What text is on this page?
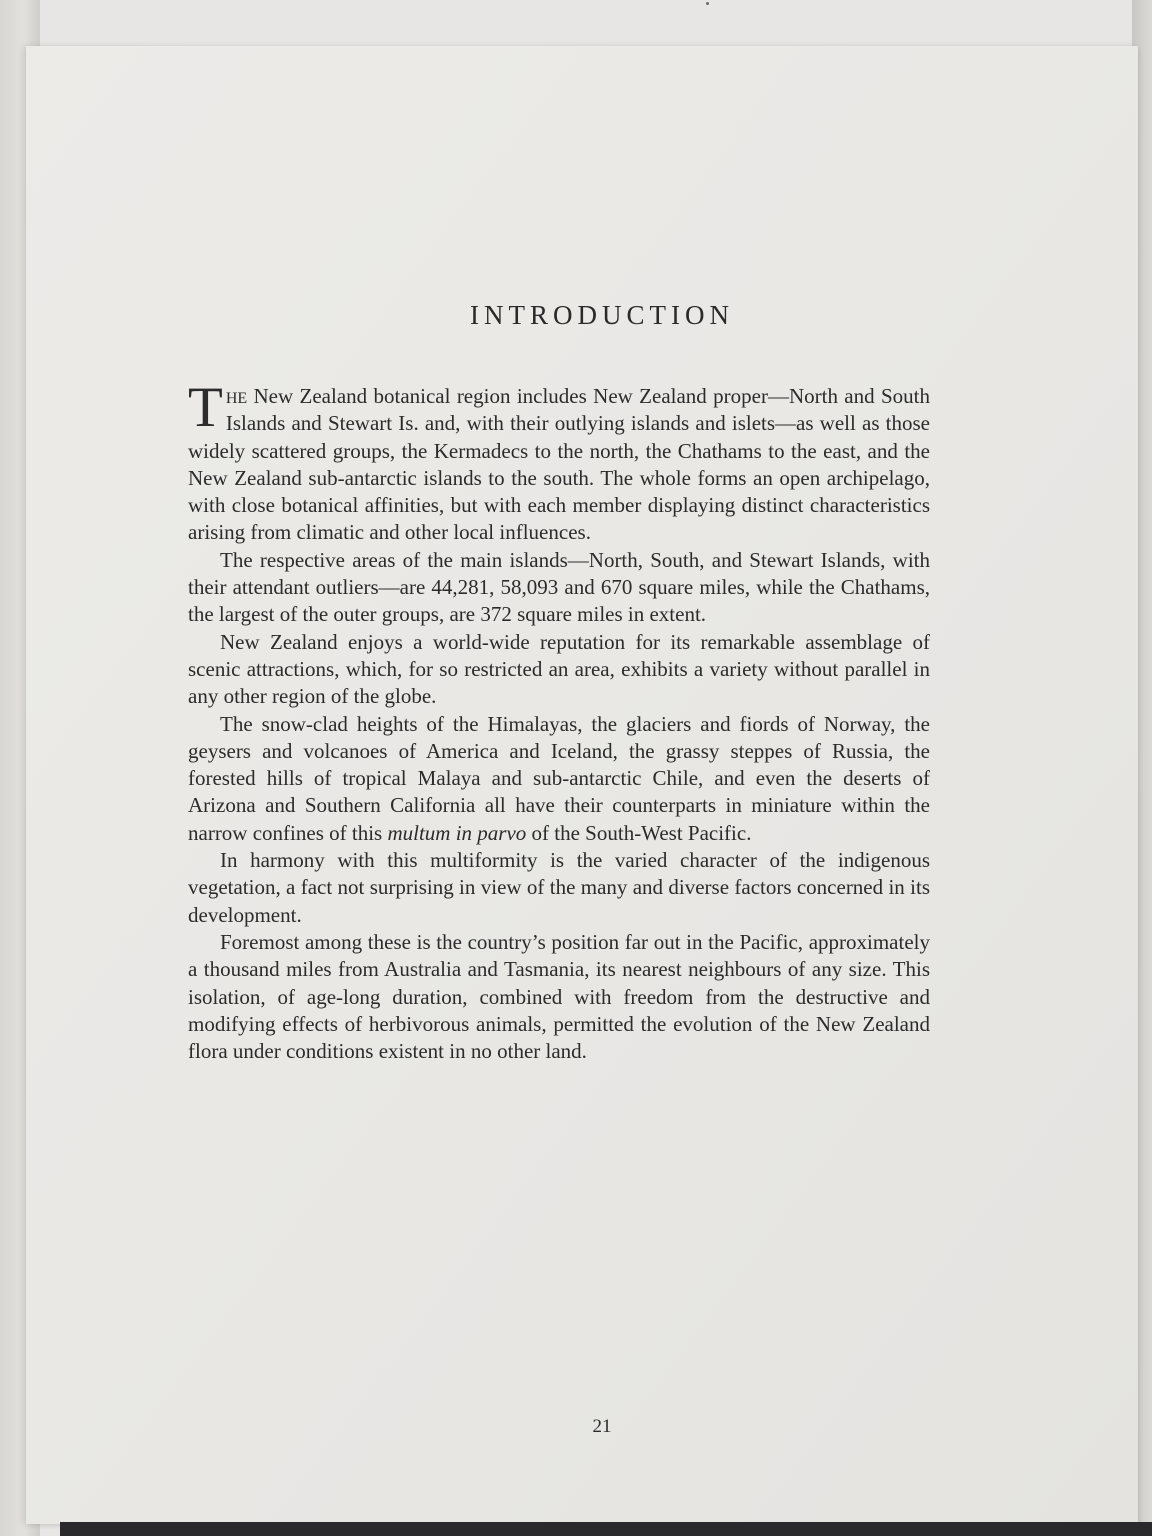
INTRODUCTION

The New Zealand botanical region includes New Zealand proper—North and South Islands and Stewart Is. and, with their outlying islands and islets—as well as those widely scattered groups, the Kermadecs to the north, the Chathams to the east, and the New Zealand sub-antarctic islands to the south. The whole forms an open archipelago, with close botanical affinities, but with each member displaying distinct characteristics arising from climatic and other local influences.

The respective areas of the main islands—North, South, and Stewart Islands, with their attendant outliers—are 44,281, 58,093 and 670 square miles, while the Chathams, the largest of the outer groups, are 372 square miles in extent.

New Zealand enjoys a world-wide reputation for its remarkable assemblage of scenic attractions, which, for so restricted an area, exhibits a variety without parallel in any other region of the globe.

The snow-clad heights of the Himalayas, the glaciers and fiords of Norway, the geysers and volcanoes of America and Iceland, the grassy steppes of Russia, the forested hills of tropical Malaya and sub-antarctic Chile, and even the deserts of Arizona and Southern California all have their counterparts in miniature within the narrow confines of this multum in parvo of the South-West Pacific.

In harmony with this multiformity is the varied character of the indigenous vegetation, a fact not surprising in view of the many and diverse factors concerned in its development.

Foremost among these is the country’s position far out in the Pacific, approximately a thousand miles from Australia and Tasmania, its nearest neighbours of any size. This isolation, of age-long duration, combined with freedom from the destructive and modifying effects of herbivorous animals, permitted the evolution of the New Zealand flora under conditions existent in no other land.

21
